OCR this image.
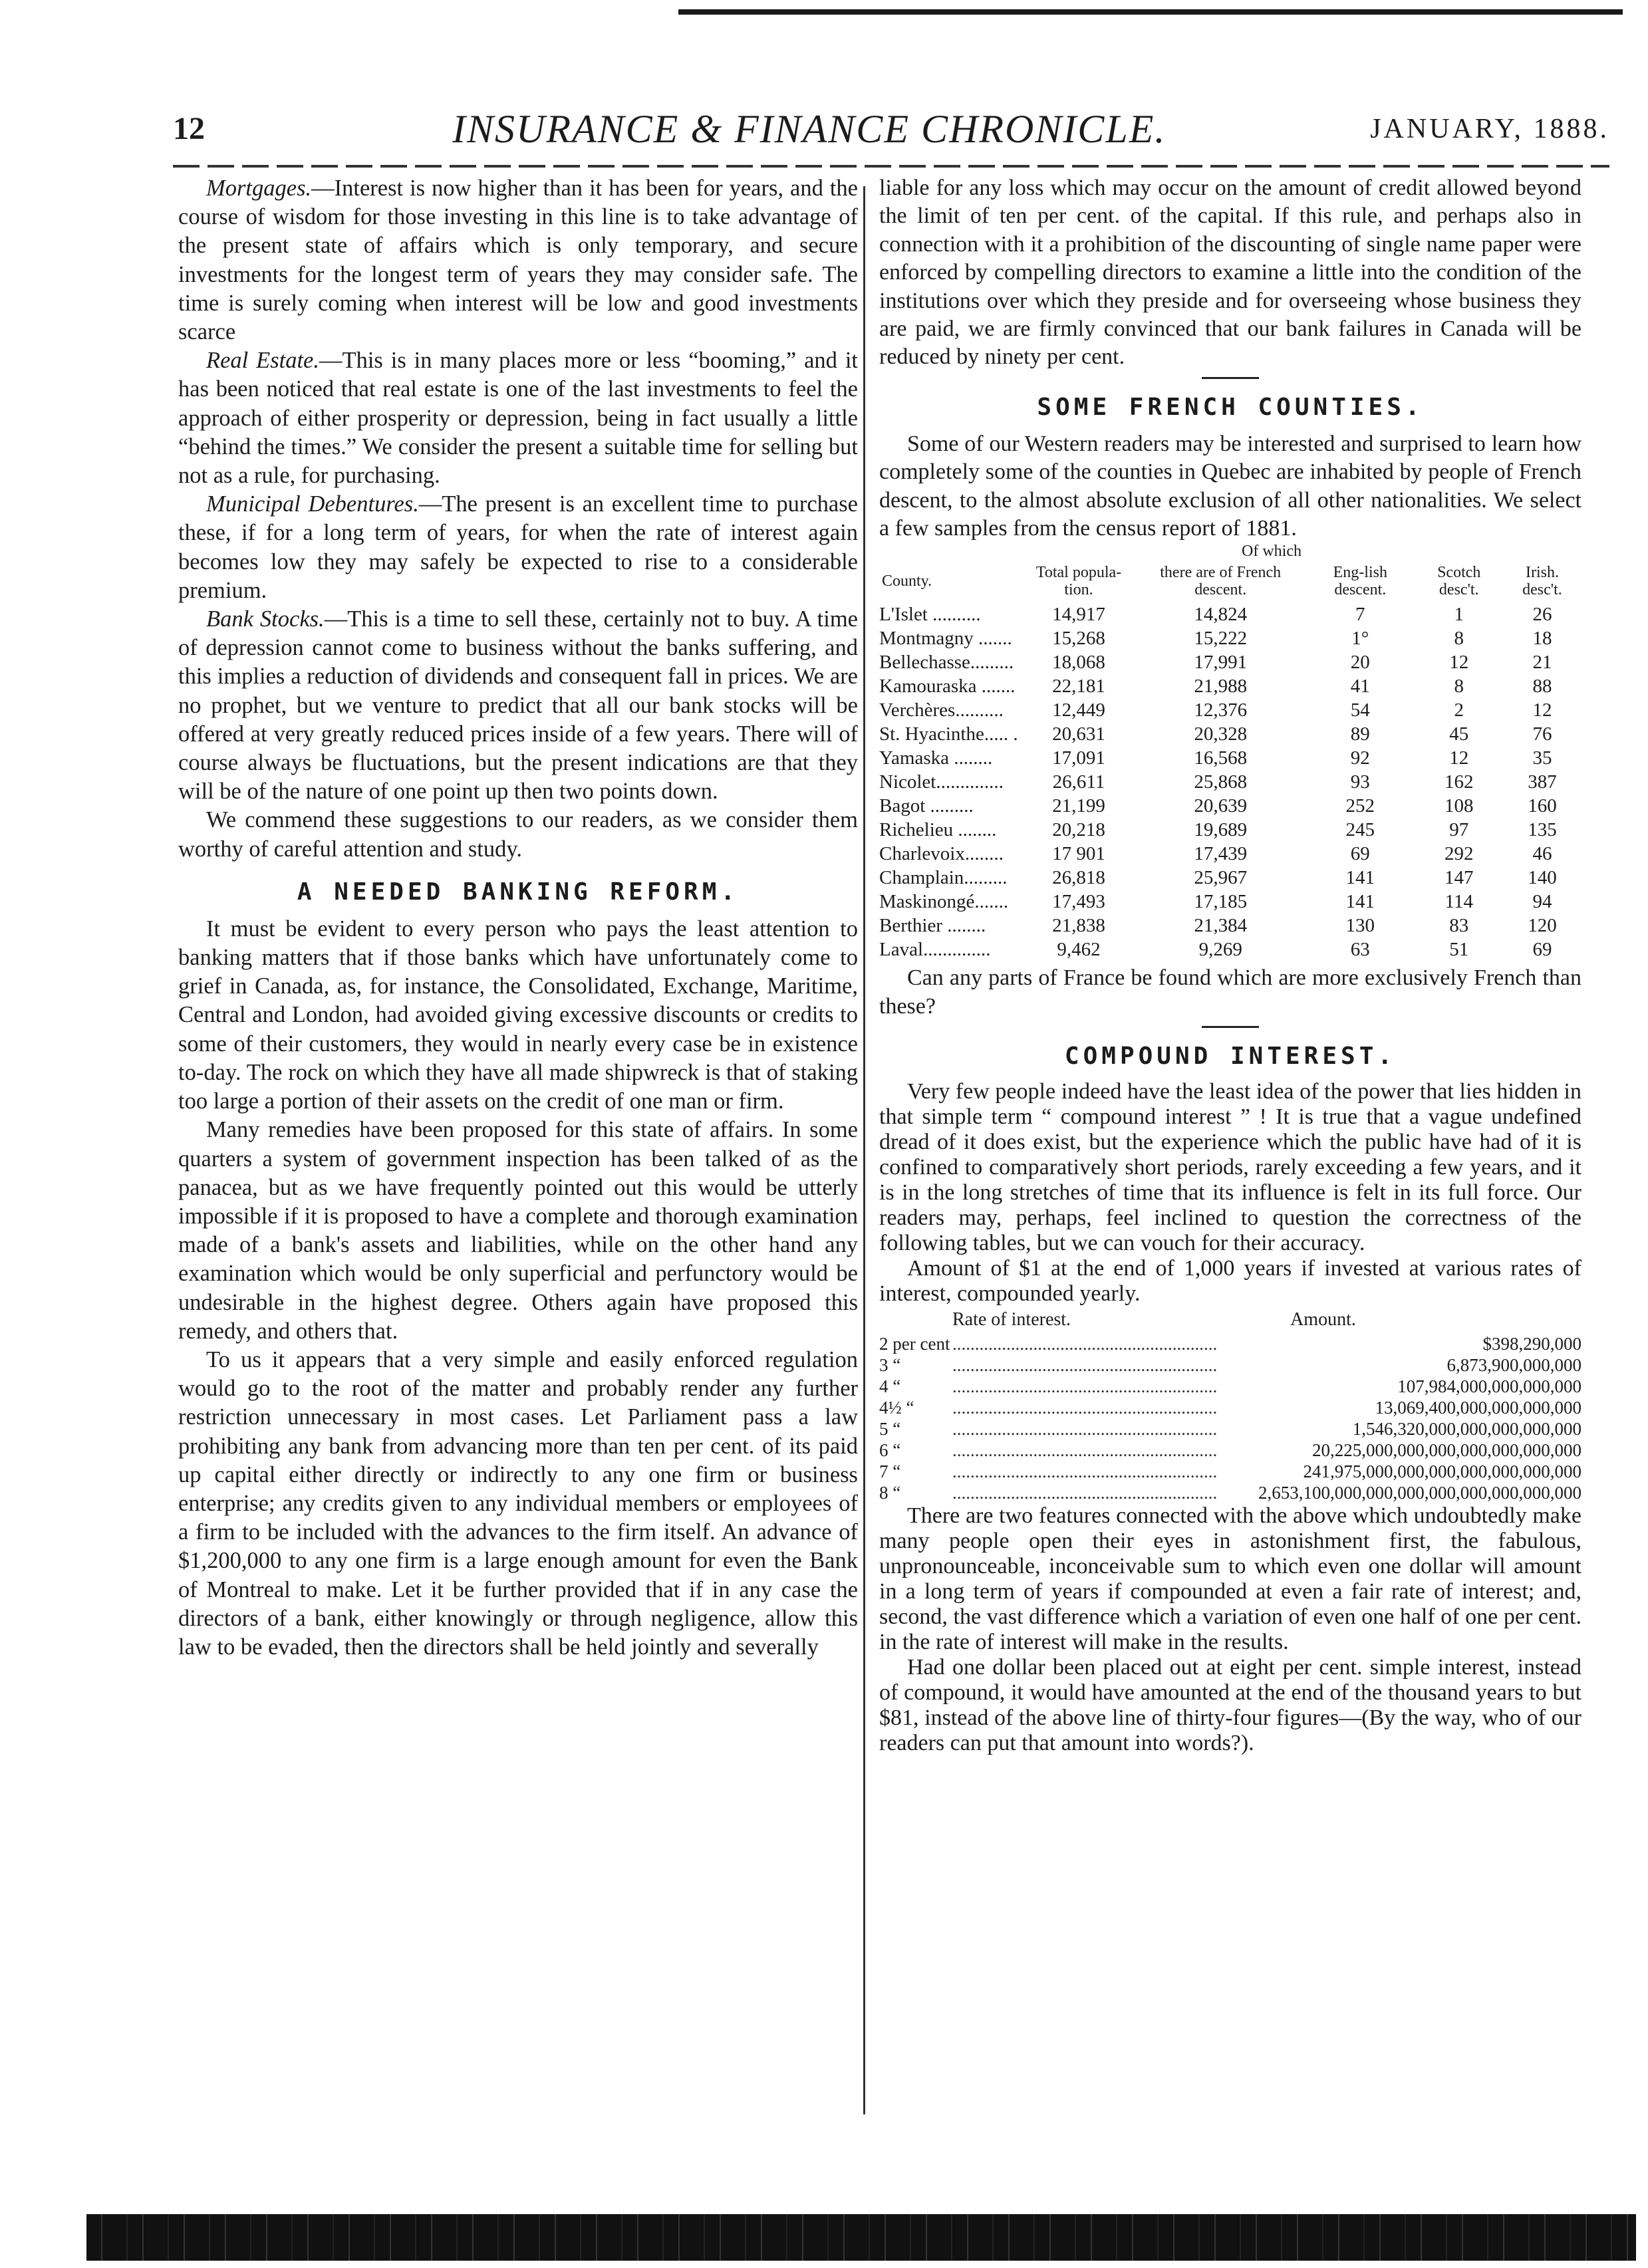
12	INSURANCE & FINANCE CHRONICLE.	JANUARY, 1888.

Mortgages.—Interest is now higher than it has been for years, and the course of wisdom for those investing in this line is to take advantage of the present state of affairs which is only temporary, and secure investments for the longest term of years they may consider safe. The time is surely coming when interest will be low and good investments scarce

Real Estate.—This is in many places more or less “booming,” and it has been noticed that real estate is one of the last investments to feel the approach of either prosperity or depression, being in fact usually a little “behind the times.” We consider the present a suitable time for selling but not as a rule, for purchasing.

Municipal Debentures.—The present is an excellent time to purchase these, if for a long term of years, for when the rate of interest again becomes low they may safely be expected to rise to a considerable premium.

Bank Stocks.—This is a time to sell these, certainly not to buy. A time of depression cannot come to business without the banks suffering, and this implies a reduction of dividends and consequent fall in prices. We are no prophet, but we venture to predict that all our bank stocks will be offered at very greatly reduced prices inside of a few years. There will of course always be fluctuations, but the present indications are that they will be of the nature of one point up then two points down.

We commend these suggestions to our readers, as we consider them worthy of careful attention and study.

A NEEDED BANKING REFORM.

It must be evident to every person who pays the least attention to banking matters that if those banks which have unfortunately come to grief in Canada, as, for instance, the Consolidated, Exchange, Maritime, Central and London, had avoided giving excessive discounts or credits to some of their customers, they would in nearly every case be in existence to-day. The rock on which they have all made shipwreck is that of staking too large a portion of their assets on the credit of one man or firm.

Many remedies have been proposed for this state of affairs. In some quarters a system of government inspection has been talked of as the panacea, but as we have frequently pointed out this would be utterly impossible if it is proposed to have a complete and thorough examination made of a bank's assets and liabilities, while on the other hand any examination which would be only superficial and perfunctory would be undesirable in the highest degree. Others again have proposed this remedy, and others that.

To us it appears that a very simple and easily enforced regulation would go to the root of the matter and probably render any further restriction unnecessary in most cases. Let Parliament pass a law prohibiting any bank from advancing more than ten per cent. of its paid up capital either directly or indirectly to any one firm or business enterprise; any credits given to any individual members or employees of a firm to be included with the advances to the firm itself. An advance of $1,200,000 to any one firm is a large enough amount for even the Bank of Montreal to make. Let it be further provided that if in any case the directors of a bank, either knowingly or through negligence, allow this law to be evaded, then the directors shall be held jointly and severally

liable for any loss which may occur on the amount of credit allowed beyond the limit of ten per cent. of the capital. If this rule, and perhaps also in connection with it a prohibition of the discounting of single name paper were enforced by compelling directors to examine a little into the condition of the institutions over which they preside and for overseeing whose business they are paid, we are firmly convinced that our bank failures in Canada will be reduced by ninety per cent.

SOME FRENCH COUNTIES.

Some of our Western readers may be interested and surprised to learn how completely some of the counties in Quebec are inhabited by people of French descent, to the almost absolute exclusion of all other nationalities. We select a few samples from the census report of 1881.

Of which
County.	Total popula-tion.	there are of French descent.	Eng-lish descent.	Scotch desc't.	Irish. desc't.
L'Islet ..........	14,917	14,824	7	1	26
Montmagny .......	15,268	15,222	1°	8	18
Bellechasse.........	18,068	17,991	20	12	21
Kamouraska .......	22,181	21,988	41	8	88
Verchères..........	12,449	12,376	54	2	12
St. Hyacinthe..... .	20,631	20,328	89	45	76
Yamaska ........	17,091	16,568	92	12	35
Nicolet..............	26,611	25,868	93	162	387
Bagot .........	21,199	20,639	252	108	160
Richelieu ........	20,218	19,689	245	97	135
Charlevoix........	17 901	17,439	69	292	46
Champlain.........	26,818	25,967	141	147	140
Maskinongé.......	17,493	17,185	141	114	94
Berthier ........	21,838	21,384	130	83	120
Laval..............	9,462	9,269	63	51	69

Can any parts of France be found which are more exclusively French than these?

COMPOUND INTEREST.

Very few people indeed have the least idea of the power that lies hidden in that simple term “ compound interest ” ! It is true that a vague undefined dread of it does exist, but the experience which the public have had of it is confined to comparatively short periods, rarely exceeding a few years, and it is in the long stretches of time that its influence is felt in its full force. Our readers may, perhaps, feel inclined to question the correctness of the following tables, but we can vouch for their accuracy.

Amount of $1 at the end of 1,000 years if invested at various rates of interest, compounded yearly.

Rate of interest.	Amount.
2 per cent ...........................................................	$398,290,000
3 “	...........................................................	6,873,900,000,000
4 “	...........................................................	107,984,000,000,000,000
4½ “	...........................................................	13,069,400,000,000,000,000
5 “	...........................................................	1,546,320,000,000,000,000,000
6 “	...........................................................	20,225,000,000,000,000,000,000,000
7 “	...........................................................	241,975,000,000,000,000,000,000,000
8 “	...........................................................	2,653,100,000,000,000,000,000,000,000,000

There are two features connected with the above which undoubtedly make many people open their eyes in astonishment first, the fabulous, unpronounceable, inconceivable sum to which even one dollar will amount in a long term of years if compounded at even a fair rate of interest; and, second, the vast difference which a variation of even one half of one per cent. in the rate of interest will make in the results.

Had one dollar been placed out at eight per cent. simple interest, instead of compound, it would have amounted at the end of the thousand years to but $81, instead of the above line of thirty-four figures—(By the way, who of our readers can put that amount into words?).
